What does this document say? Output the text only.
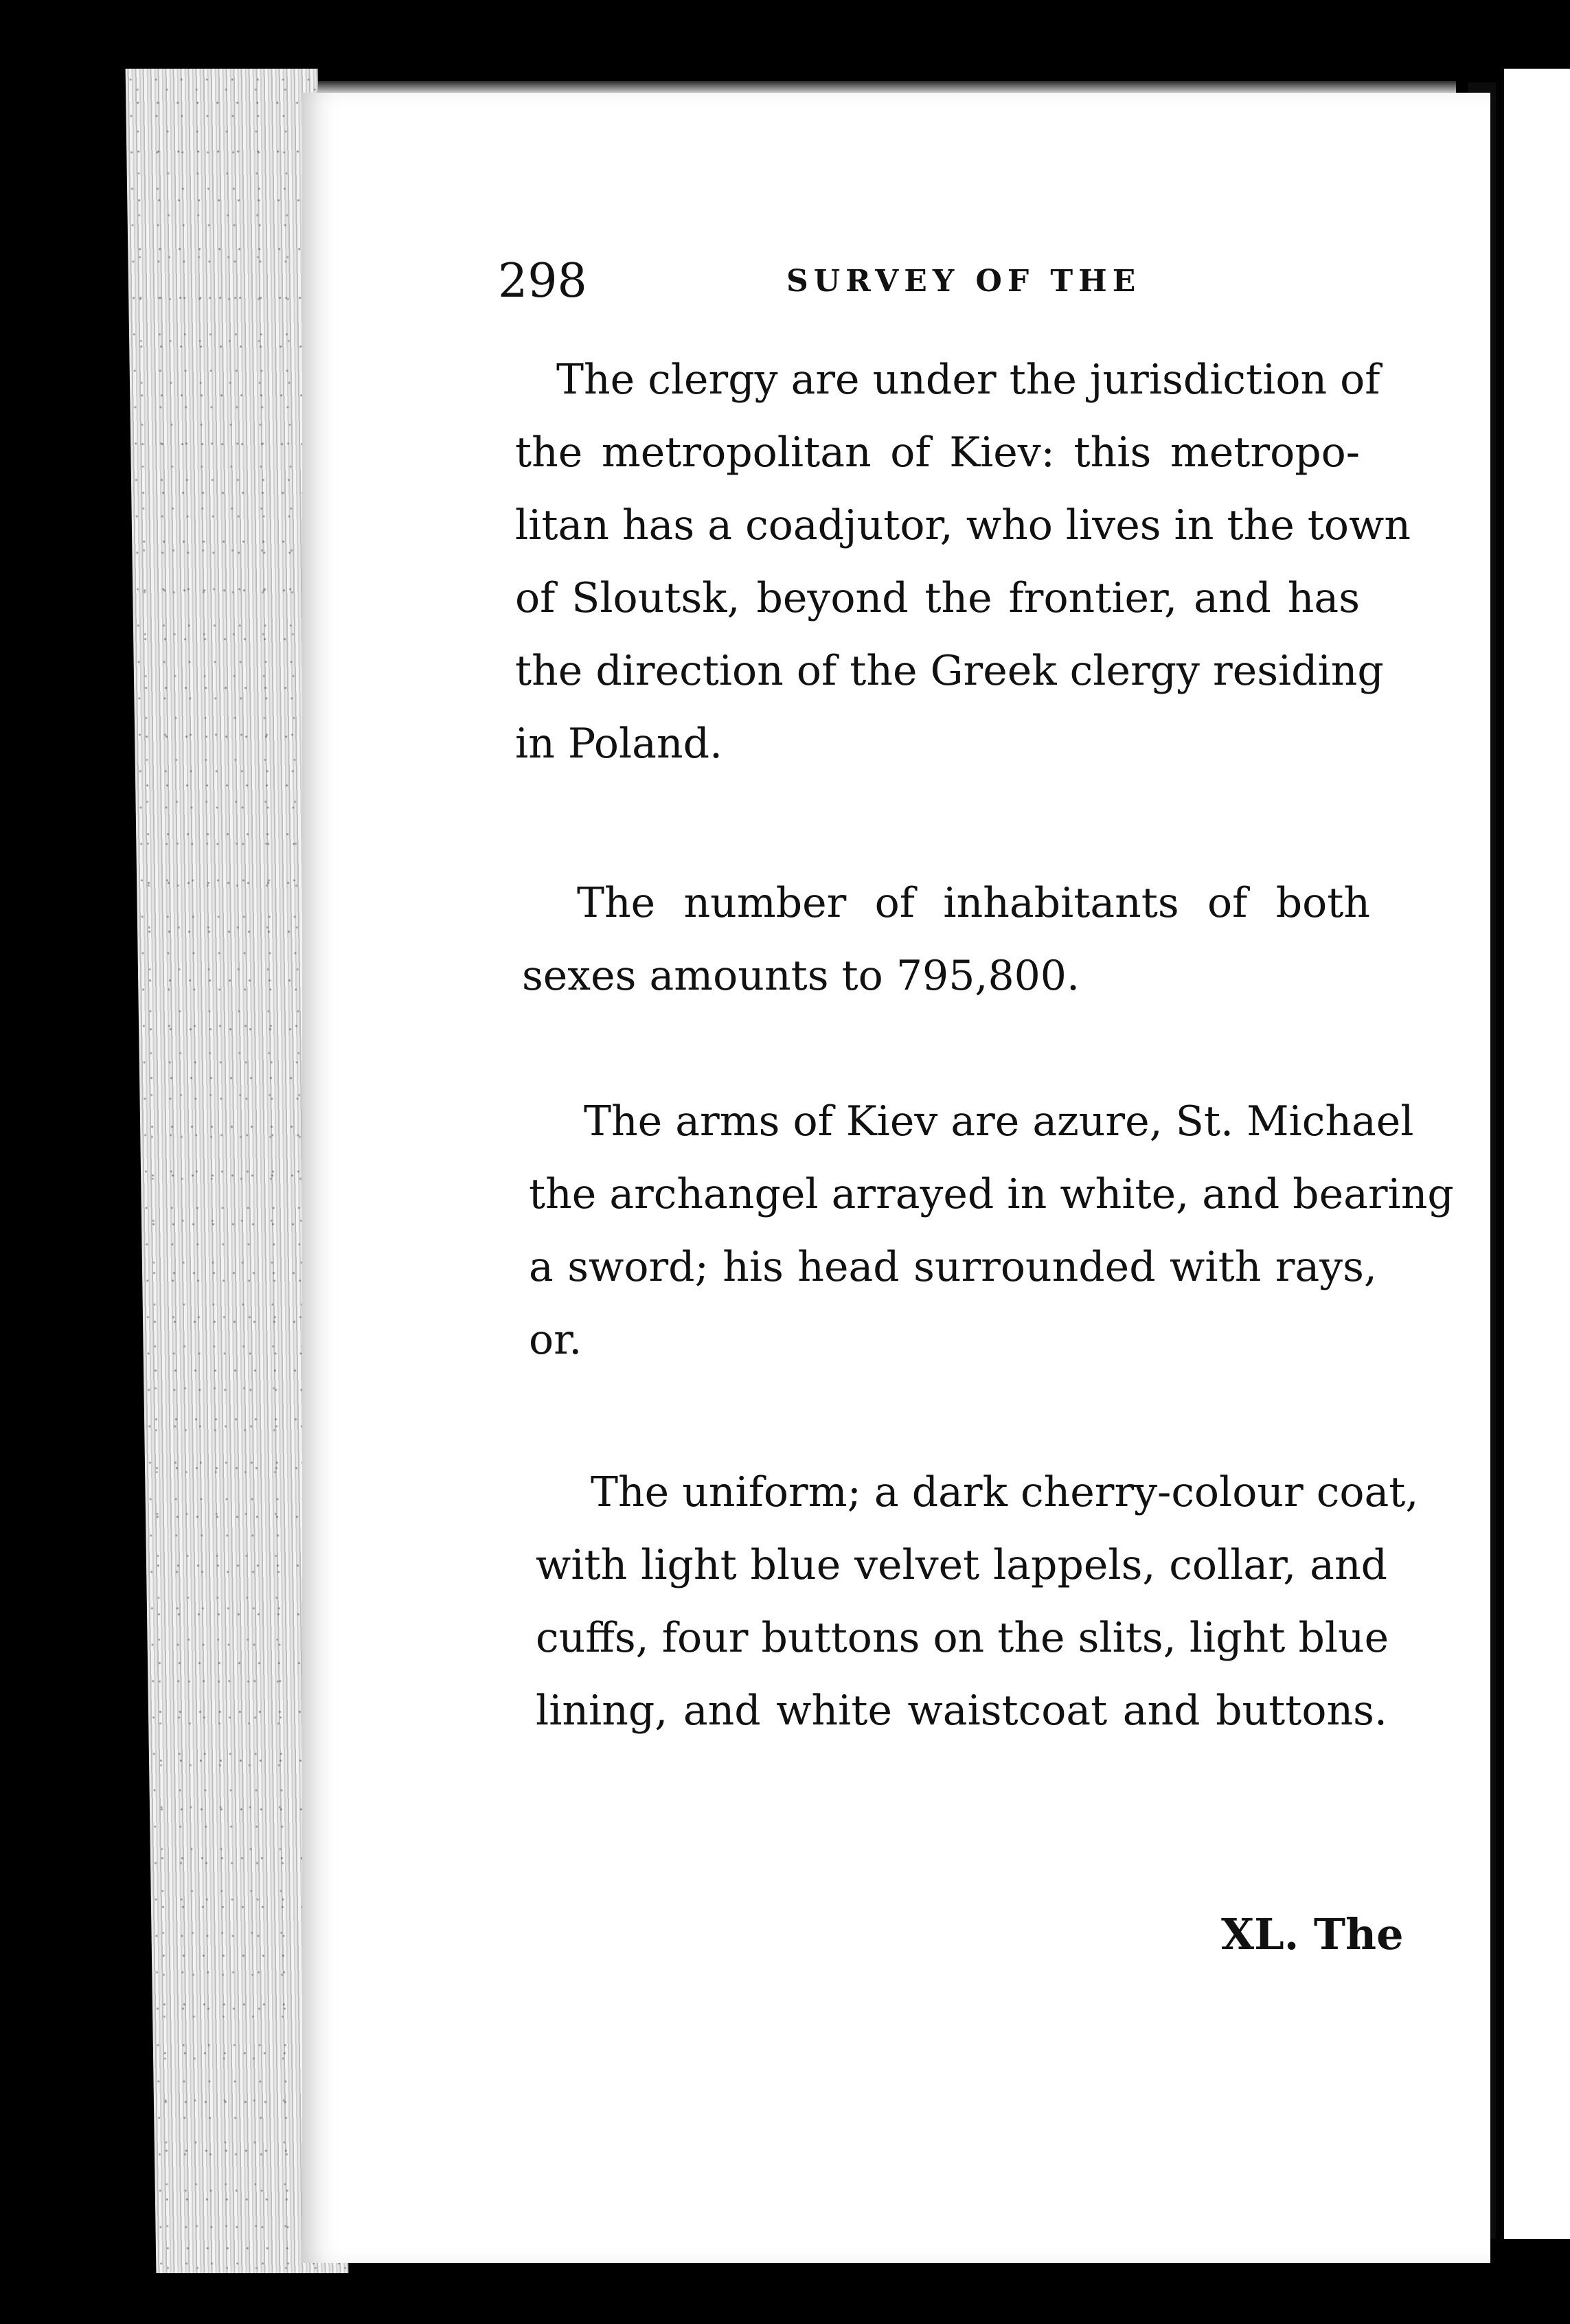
298	SURVEY OF THE
The clergy are under the jurisdiction of
the metropolitan of Kiev: this metropo-
litan has a coadjutor, who lives in the town
of Sloutsk, beyond the frontier, and has
the direction of the Greek clergy residing
in Poland.
The number of inhabitants of both
sexes amounts to 795,800.
The arms of Kiev are azure, St. Michael
the archangel arrayed in white, and bearing
a sword; his head surrounded with rays,
or.
The uniform; a dark cherry-colour coat,
with light blue velvet lappels, collar, and
cuffs, four buttons on the slits, light blue
lining, and white waistcoat and buttons.
XL. The
